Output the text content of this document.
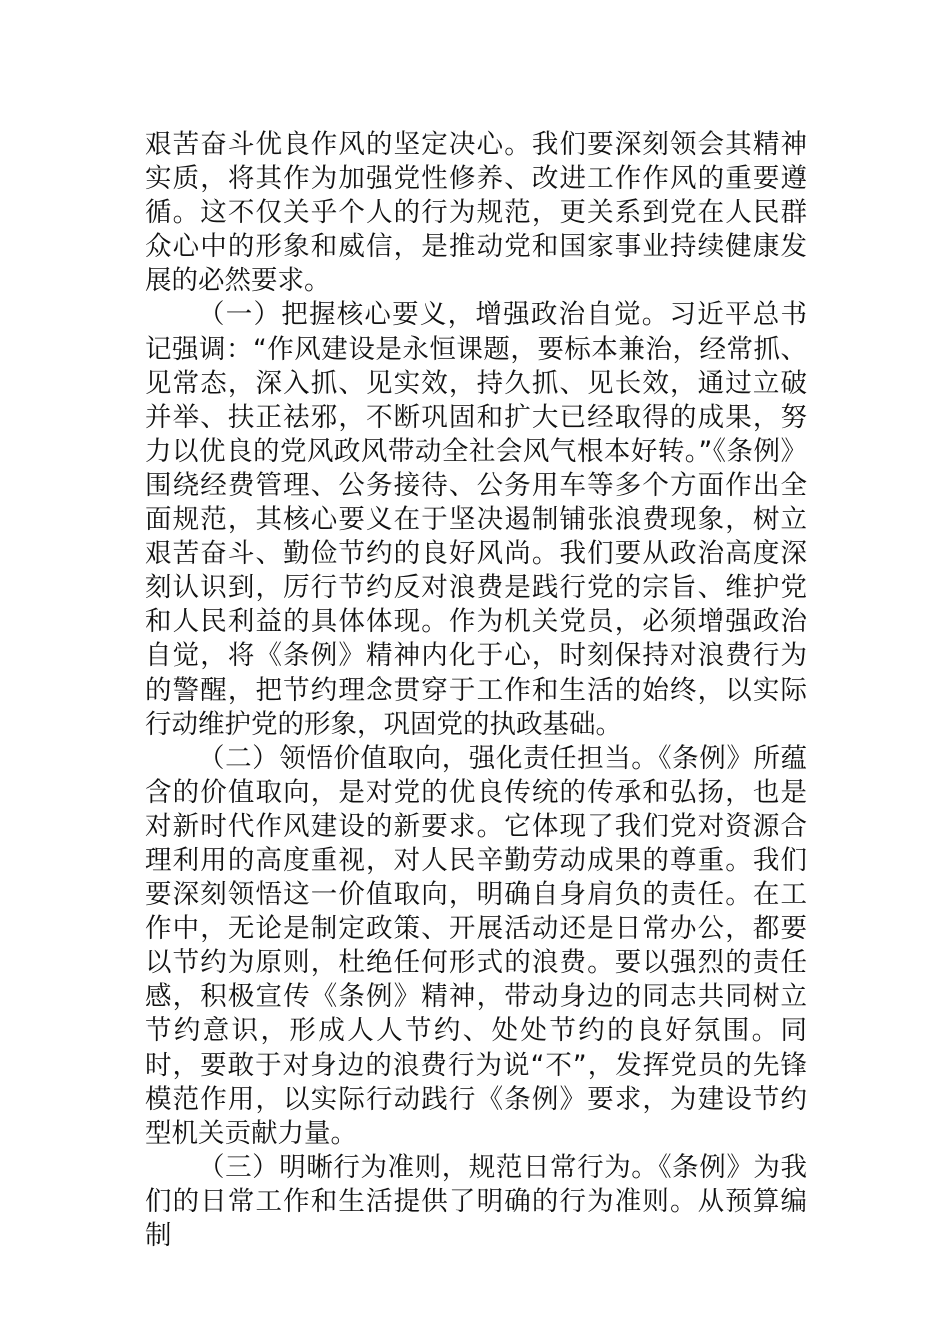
艰苦奋斗优良作风的坚定决心。我们要深刻领会其精神实质，将其作为加强党性修养、改进工作作风的重要遵循。这不仅关乎个人的行为规范，更关系到党在人民群众心中的形象和威信，是推动党和国家事业持续健康发展的必然要求。

（一）把握核心要义，增强政治自觉。习近平总书记强调：“作风建设是永恒课题，要标本兼治，经常抓、见常态，深入抓、见实效，持久抓、见长效，通过立破并举、扶正祛邪，不断巩固和扩大已经取得的成果，努力以优良的党风政风带动全社会风气根本好转。”《条例》围绕经费管理、公务接待、公务用车等多个方面作出全面规范，其核心要义在于坚决遏制铺张浪费现象，树立艰苦奋斗、勤俭节约的良好风尚。我们要从政治高度深刻认识到，厉行节约反对浪费是践行党的宗旨、维护党和人民利益的具体体现。作为机关党员，必须增强政治自觉，将《条例》精神内化于心，时刻保持对浪费行为的警醒，把节约理念贯穿于工作和生活的始终，以实际行动维护党的形象，巩固党的执政基础。

（二）领悟价值取向，强化责任担当。《条例》所蕴含的价值取向，是对党的优良传统的传承和弘扬，也是对新时代作风建设的新要求。它体现了我们党对资源合理利用的高度重视，对人民辛勤劳动成果的尊重。我们要深刻领悟这一价值取向，明确自身肩负的责任。在工作中，无论是制定政策、开展活动还是日常办公，都要以节约为原则，杜绝任何形式的浪费。要以强烈的责任感，积极宣传《条例》精神，带动身边的同志共同树立节约意识，形成人人节约、处处节约的良好氛围。同时，要敢于对身边的浪费行为说“不”，发挥党员的先锋模范作用，以实际行动践行《条例》要求，为建设节约型机关贡献力量。

（三）明晰行为准则，规范日常行为。《条例》为我们的日常工作和生活提供了明确的行为准则。从预算编制
